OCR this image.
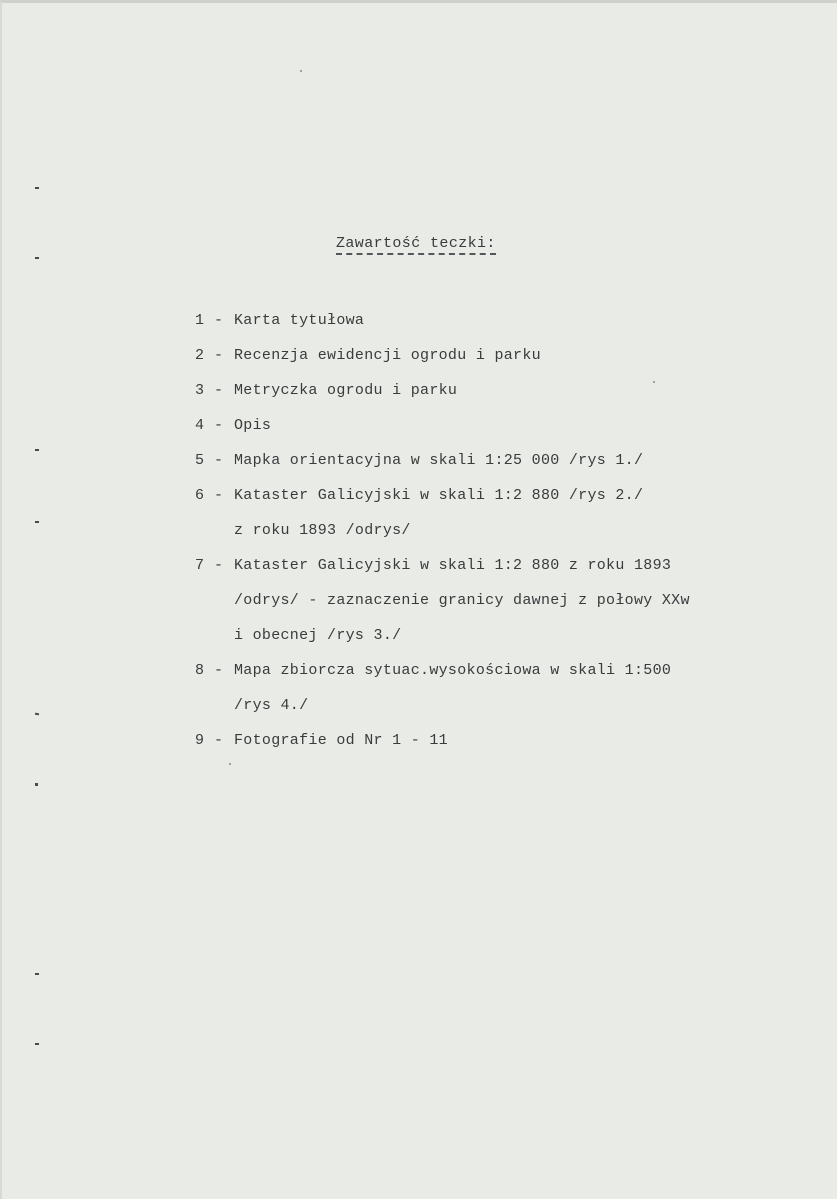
Zawartość teczki:
1 - Karta tytułowa
2 - Recenzja ewidencji ogrodu i parku
3 - Metryczka ogrodu i parku
4 - Opis
5 - Mapka orientacyjna w skali 1:25 000 /rys 1./
6 - Kataster Galicyjski w skali 1:2 880 /rys 2./
z roku 1893 /odrys/
7 - Kataster Galicyjski w skali 1:2 880 z roku 1893
/odrys/ - zaznaczenie granicy dawnej z połowy XXw
i obecnej /rys 3./
8 - Mapa zbiorcza sytuac.wysokościowa w skali 1:500
/rys 4./
9 - Fotografie od Nr 1 - 11
